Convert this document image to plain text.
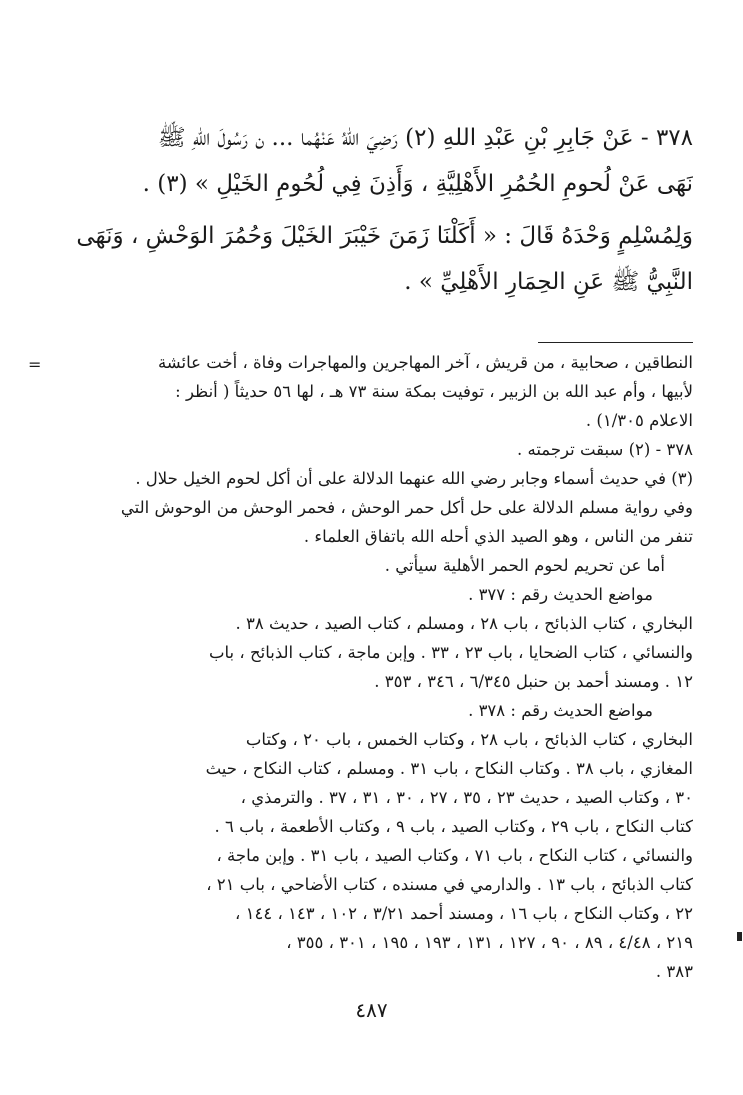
٣٧٨ - عَنْ جَابِرِ بْنِ عَبْدِ اللهِ (٢) رَضِيَ اللهُ عَنْهُما ... ن رَسُولَ اللهِ ﷺ
نَهَى عَنْ لُحومِ الحُمُرِ الأَهْلِيَّةِ ، وَأَذِنَ فِي لُحُومِ الخَيْلِ » (٣) .
وَلِمُسْلِمٍ وَحْدَهُ قَالَ : « أَكَلْنَا زَمَنَ خَيْبَرَ الخَيْلَ وَحُمُرَ الوَحْشِ ، وَنَهَى
النَّبِيُّ ﷺ عَنِ الحِمَارِ الأَهْلِيِّ » .
=	النطاقين ، صحابية ، من قريش ، آخر المهاجرين والمهاجرات وفاة ، أخت عائشة
لأبيها ، وأم عبد الله بن الزبير ، توفيت بمكة سنة ٧٣ هـ ، لها ٥٦ حديثاً ( أنظر :
الاعلام ١/٣٠٥) .
٣٧٨ - (٢) سبقت ترجمته .
(٣) في حديث أسماء وجابر رضي الله عنهما الدلالة على أن أكل لحوم الخيل حلال .
وفي رواية مسلم الدلالة على حل أكل حمر الوحش ، فحمر الوحش من الوحوش التي
تنفر من الناس ، وهو الصيد الذي أحله الله باتفاق العلماء .
أما عن تحريم لحوم الحمر الأهلية سيأتي .
مواضع الحديث رقم : ٣٧٧ .
البخاري ، كتاب الذبائح ، باب ٢٨ ، ومسلم ، كتاب الصيد ، حديث ٣٨ .
والنسائي ، كتاب الضحايا ، باب ٢٣ ، ٣٣ . وإبن ماجة ، كتاب الذبائح ، باب
١٢ . ومسند أحمد بن حنبل ٦/٣٤٥ ، ٣٤٦ ، ٣٥٣ .
مواضع الحديث رقم : ٣٧٨ .
البخاري ، كتاب الذبائح ، باب ٢٨ ، وكتاب الخمس ، باب ٢٠ ، وكتاب
المغازي ، باب ٣٨ . وكتاب النكاح ، باب ٣١ . ومسلم ، كتاب النكاح ، حيث
٣٠ ، وكتاب الصيد ، حديث ٢٣ ، ٣٥ ، ٢٧ ، ٣٠ ، ٣١ ، ٣٧ . والترمذي ،
كتاب النكاح ، باب ٢٩ ، وكتاب الصيد ، باب ٩ ، وكتاب الأطعمة ، باب ٦ .
والنسائي ، كتاب النكاح ، باب ٧١ ، وكتاب الصيد ، باب ٣١ . وإبن ماجة ،
كتاب الذبائح ، باب ١٣ . والدارمي في مسنده ، كتاب الأضاحي ، باب ٢١ ،
٢٢ ، وكتاب النكاح ، باب ١٦ ، ومسند أحمد ٣/٢١ ، ١٠٢ ، ١٤٣ ، ١٤٤ ،
٢١٩ ، ٤/٤٨ ، ٨٩ ، ٩٠ ، ١٢٧ ، ١٣١ ، ١٩٣ ، ١٩٥ ، ٣٠١ ، ٣٥٥ ،
٣٨٣ .
٤٨٧
